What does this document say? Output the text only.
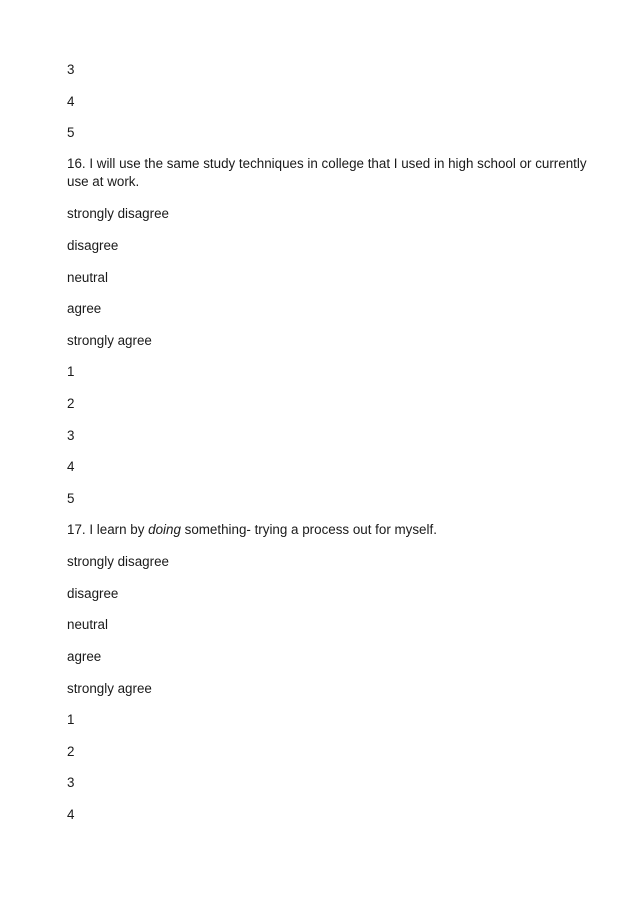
3
4
5
16. I will use the same study techniques in college that I used in high school or currently use at work.
strongly disagree
disagree
neutral
agree
strongly agree
1
2
3
4
5
17. I learn by doing something- trying a process out for myself.
strongly disagree
disagree
neutral
agree
strongly agree
1
2
3
4
